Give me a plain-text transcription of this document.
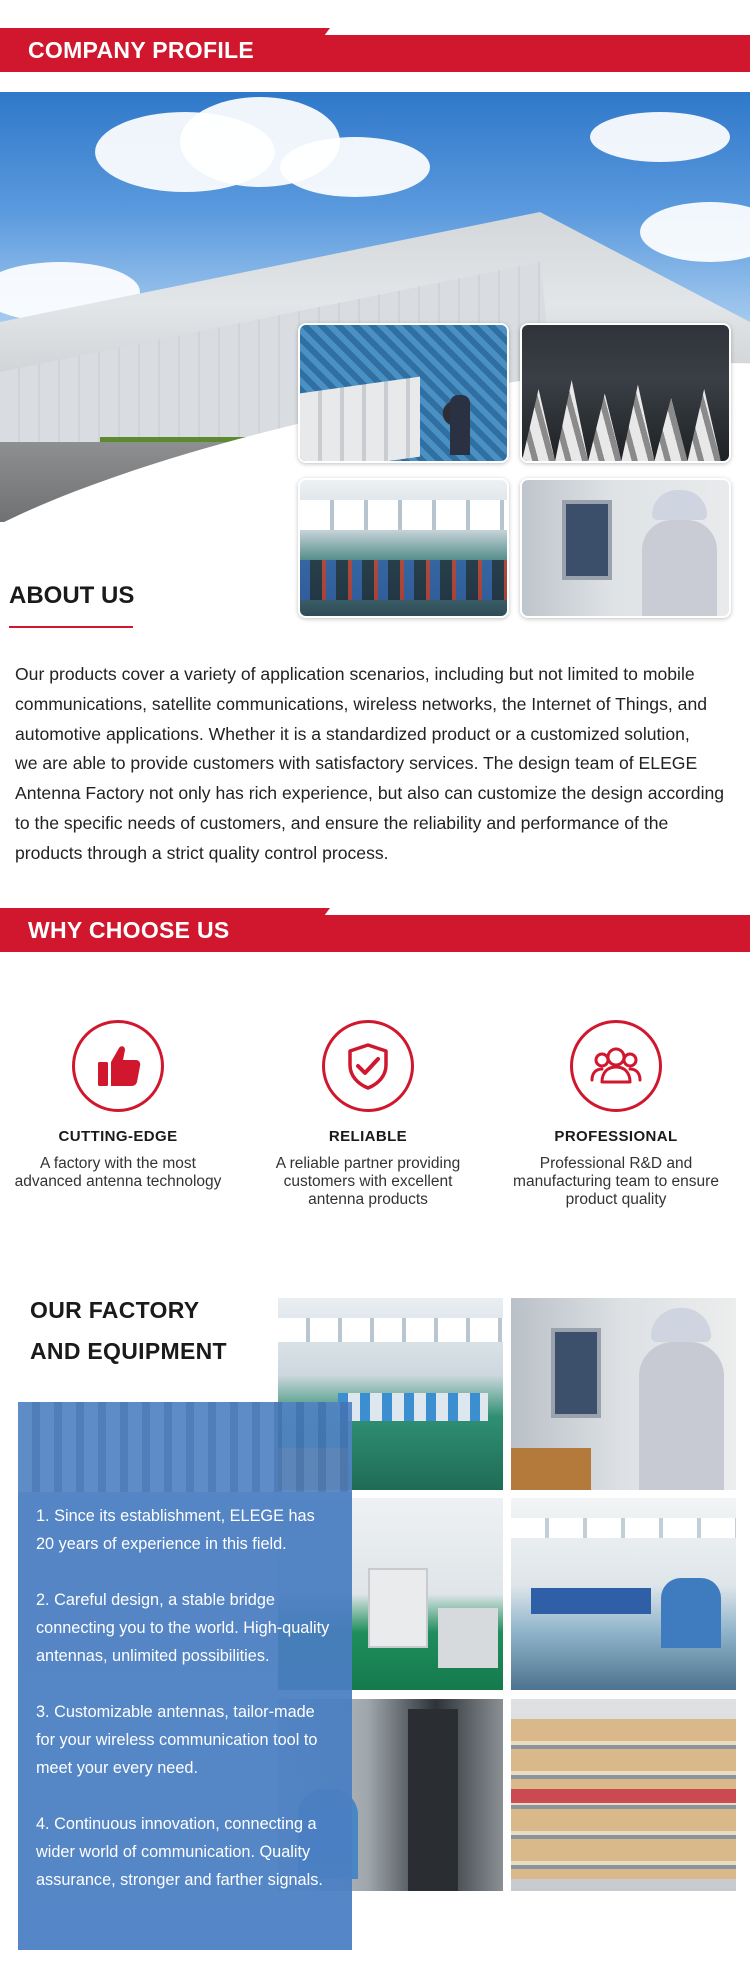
COMPANY PROFILE
ABOUT US
Our products cover a variety of application scenarios, including but not limited to mobile
communications, satellite communications, wireless networks, the Internet of Things, and
automotive applications. Whether it is a standardized product or a customized solution,
we are able to provide customers with satisfactory services. The design team of ELEGE
Antenna Factory not only has rich experience, but also can customize the design according
to the specific needs of customers, and ensure the reliability and performance of the
products through a strict quality control process.
WHY CHOOSE US
CUTTING-EDGE
A factory with the most advanced antenna technology
RELIABLE
A reliable partner providing customers with excellent antenna products
PROFESSIONAL
Professional R&D and manufacturing team to ensure product quality
OUR FACTORY
AND EQUIPMENT

1. Since its establishment, ELEGE has 20 years of experience in this field.

2. Careful design, a stable bridge connecting you to the world. High-quality antennas, unlimited possibilities.

3. Customizable antennas, tailor-made for your wireless communication tool to meet your every need.

4. Continuous innovation, connecting a wider world of communication. Quality assurance, stronger and farther signals.
